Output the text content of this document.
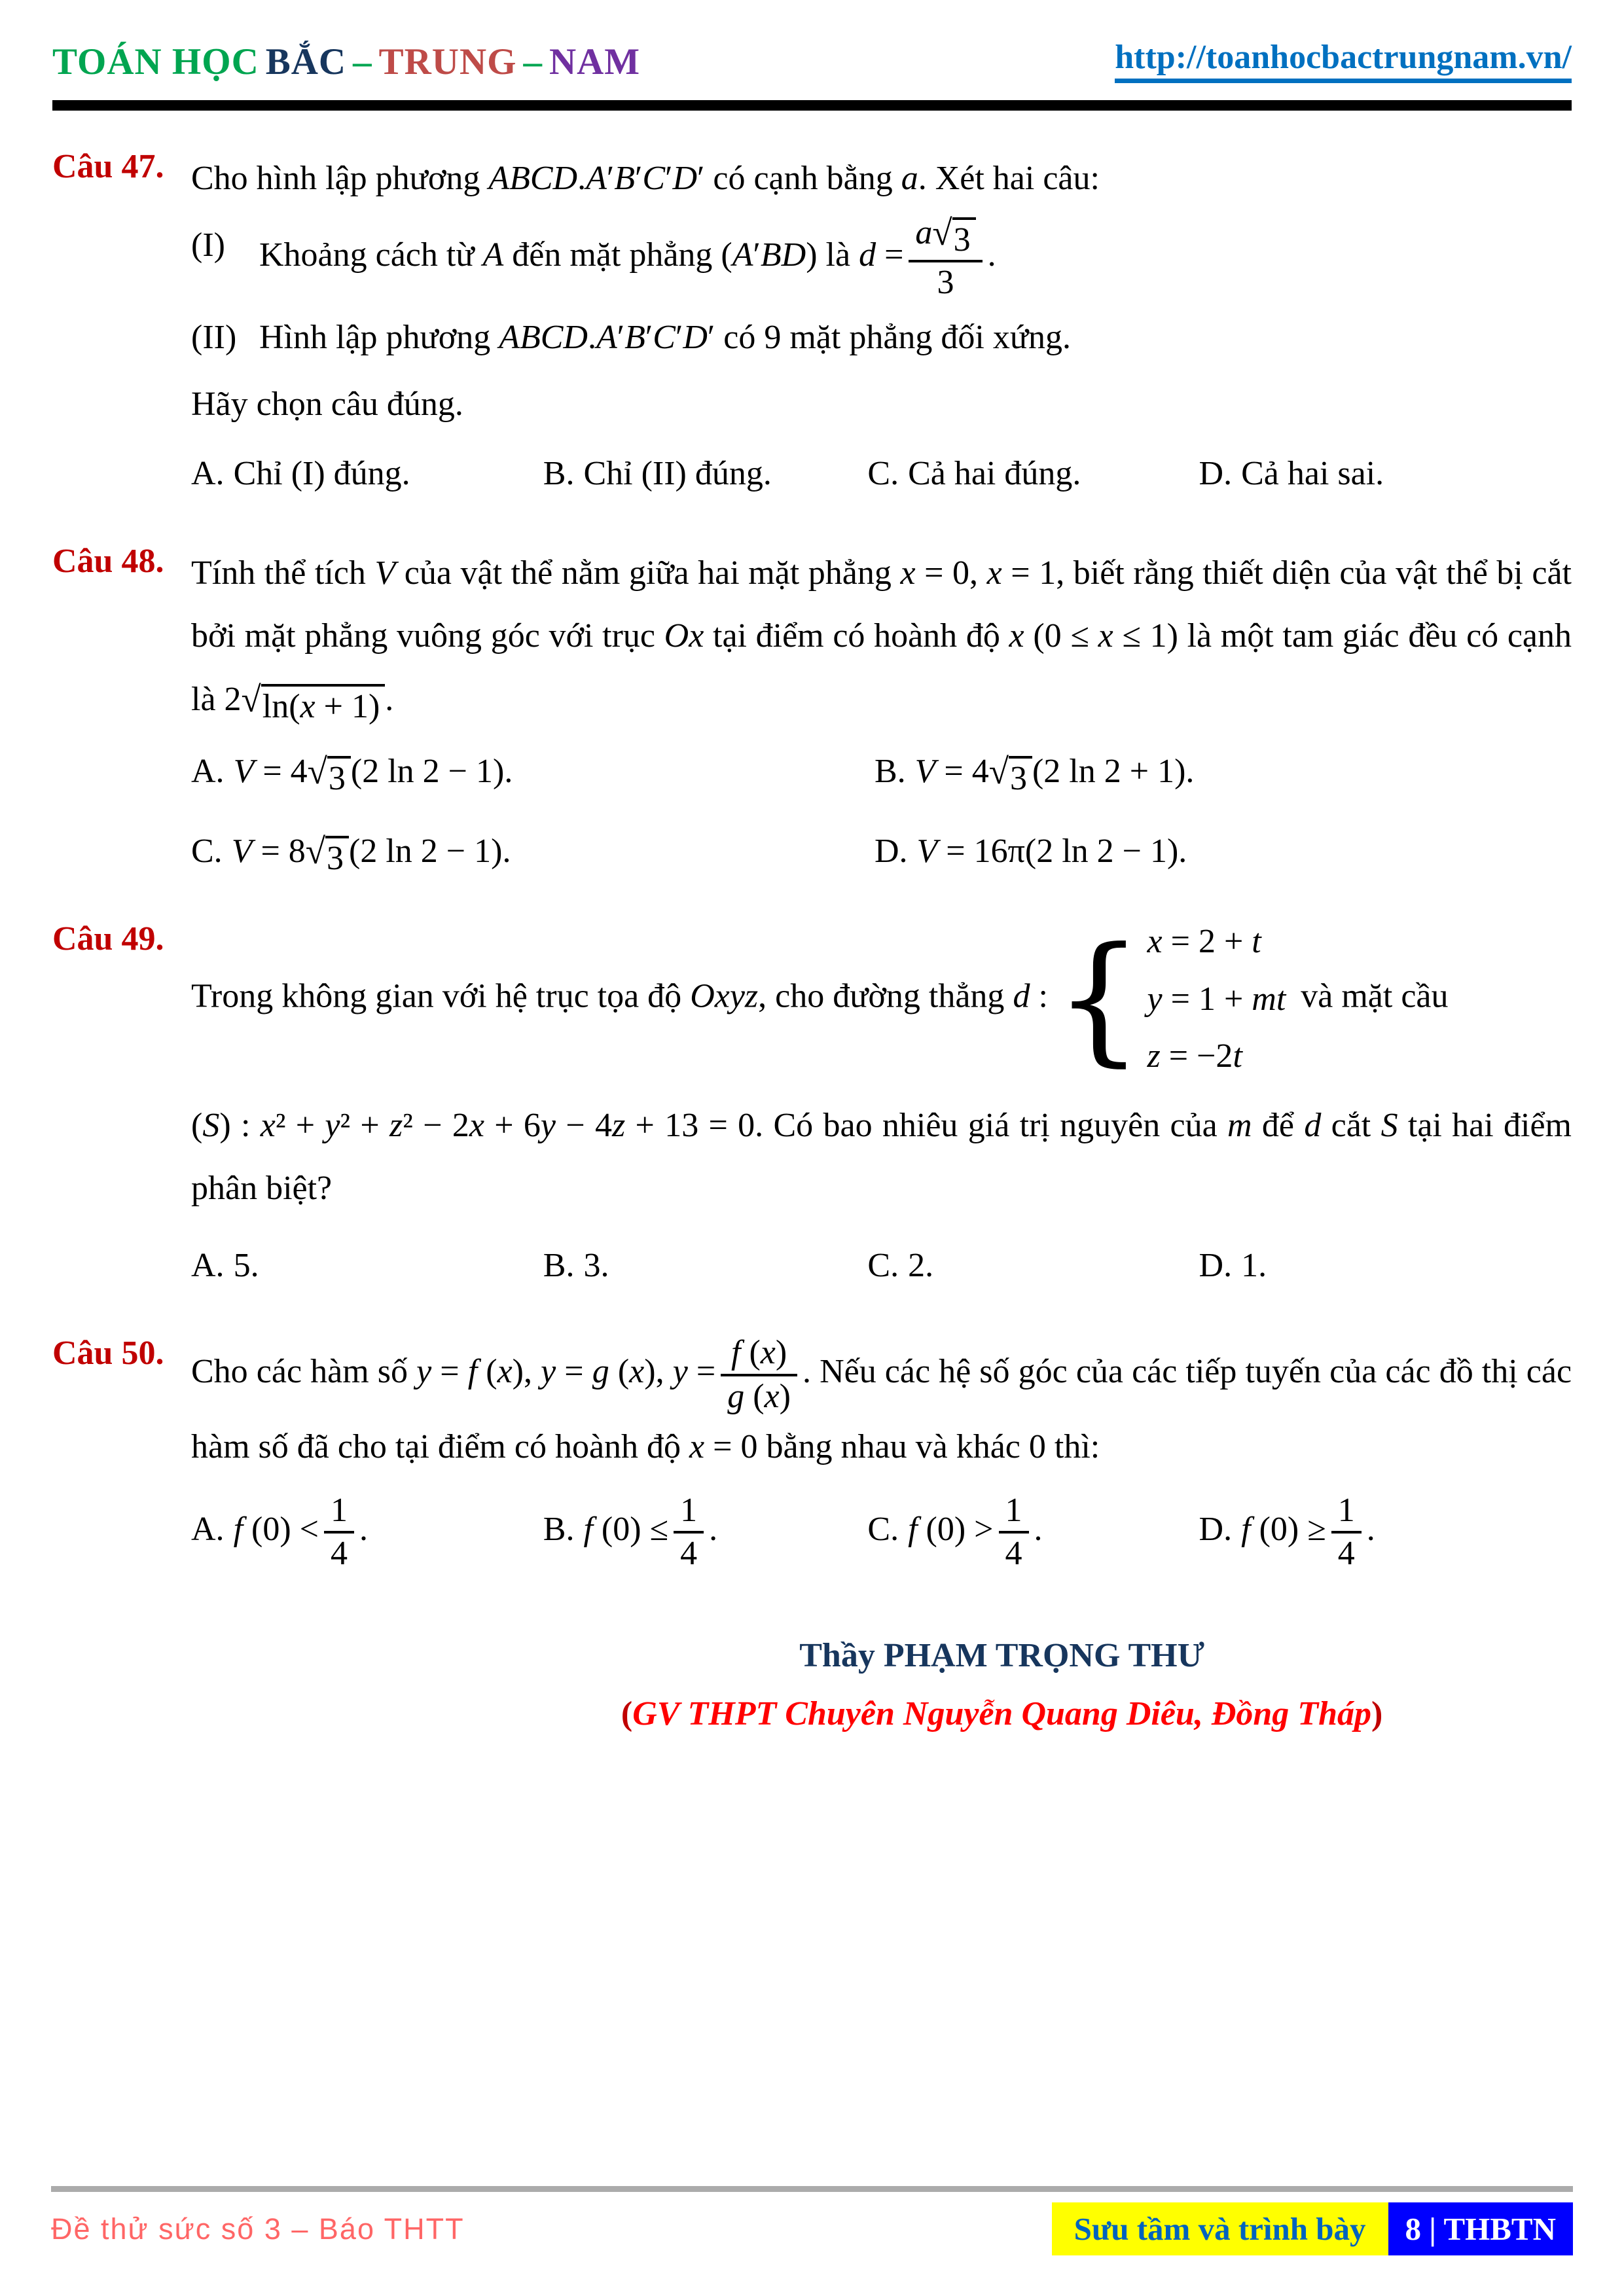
TOÁN HỌC BẮC – TRUNG – NAM	http://toanhocbactrungnam.vn/
Câu 47. Cho hình lập phương ABCD.A′B′C′D′ có cạnh bằng a. Xét hai câu:

(I)	Khoảng cách từ A đến mặt phẳng (A′BD) là $d = \frac{a √ 3}{3}$ .
(II) Hình lập phương ABCD.A′B′C′D′ có 9 mặt phẳng đối xứng.
Hãy chọn câu đúng.
A. Chỉ (I) đúng.	B. Chỉ (II) đúng.	C. Cả hai đúng.	D. Cả hai sai.
Câu 48. Tính thể tích V của vật thể nằm giữa hai mặt phẳng x = 0, x = 1, biết rằng thiết diện của vật thể bị cắt bởi mặt phẳng vuông góc với trục Ox tại điểm có hoành độ x (0 ≤ x ≤ 1) là một tam giác đều có cạnh là 2 √ ln(x + 1) .

A. V = 4 √ 3 (2 ln 2 − 1).	B. V = 4 √ 3 (2 ln 2 + 1).
C. V = 8 √ 3 (2 ln 2 − 1).	D. V = 16π(2 ln 2 − 1).
Câu 49.

Trong không gian với hệ trục tọa độ Oxyz, cho đường thẳng d : { x = 2 + t
y = 1 + mt
z = −2t
và mặt cầu

(S) : x² + y² + z² − 2x + 6y − 4z + 13 = 0. Có bao nhiêu giá trị nguyên của m để d cắt S tại hai điểm phân biệt?

A. 5.	B. 3.	C. 2.	D. 1.
Câu 50. Cho các hàm số y = f (x), y = g (x), $y = \frac{f (x)}{g (x)}$ . Nếu các hệ số góc của các tiếp tuyến của các đồ thị các hàm số đã cho tại điểm có hoành độ x = 0 bằng nhau và khác 0 thì:

A. f $(0) < \frac{1}{4}$ .	B. f $(0) \le \frac{1}{4}$ .	C. f $(0) > \frac{1}{4}$ .	D. f $(0) \ge \frac{1}{4}$ .
Thầy PHẠM TRỌNG THƯ
(GV THPT Chuyên Nguyễn Quang Diêu, Đồng Tháp)
Đề thử sức số 3 – Báo THTT	Sưu tầm và trình bày	8 | THBTN
